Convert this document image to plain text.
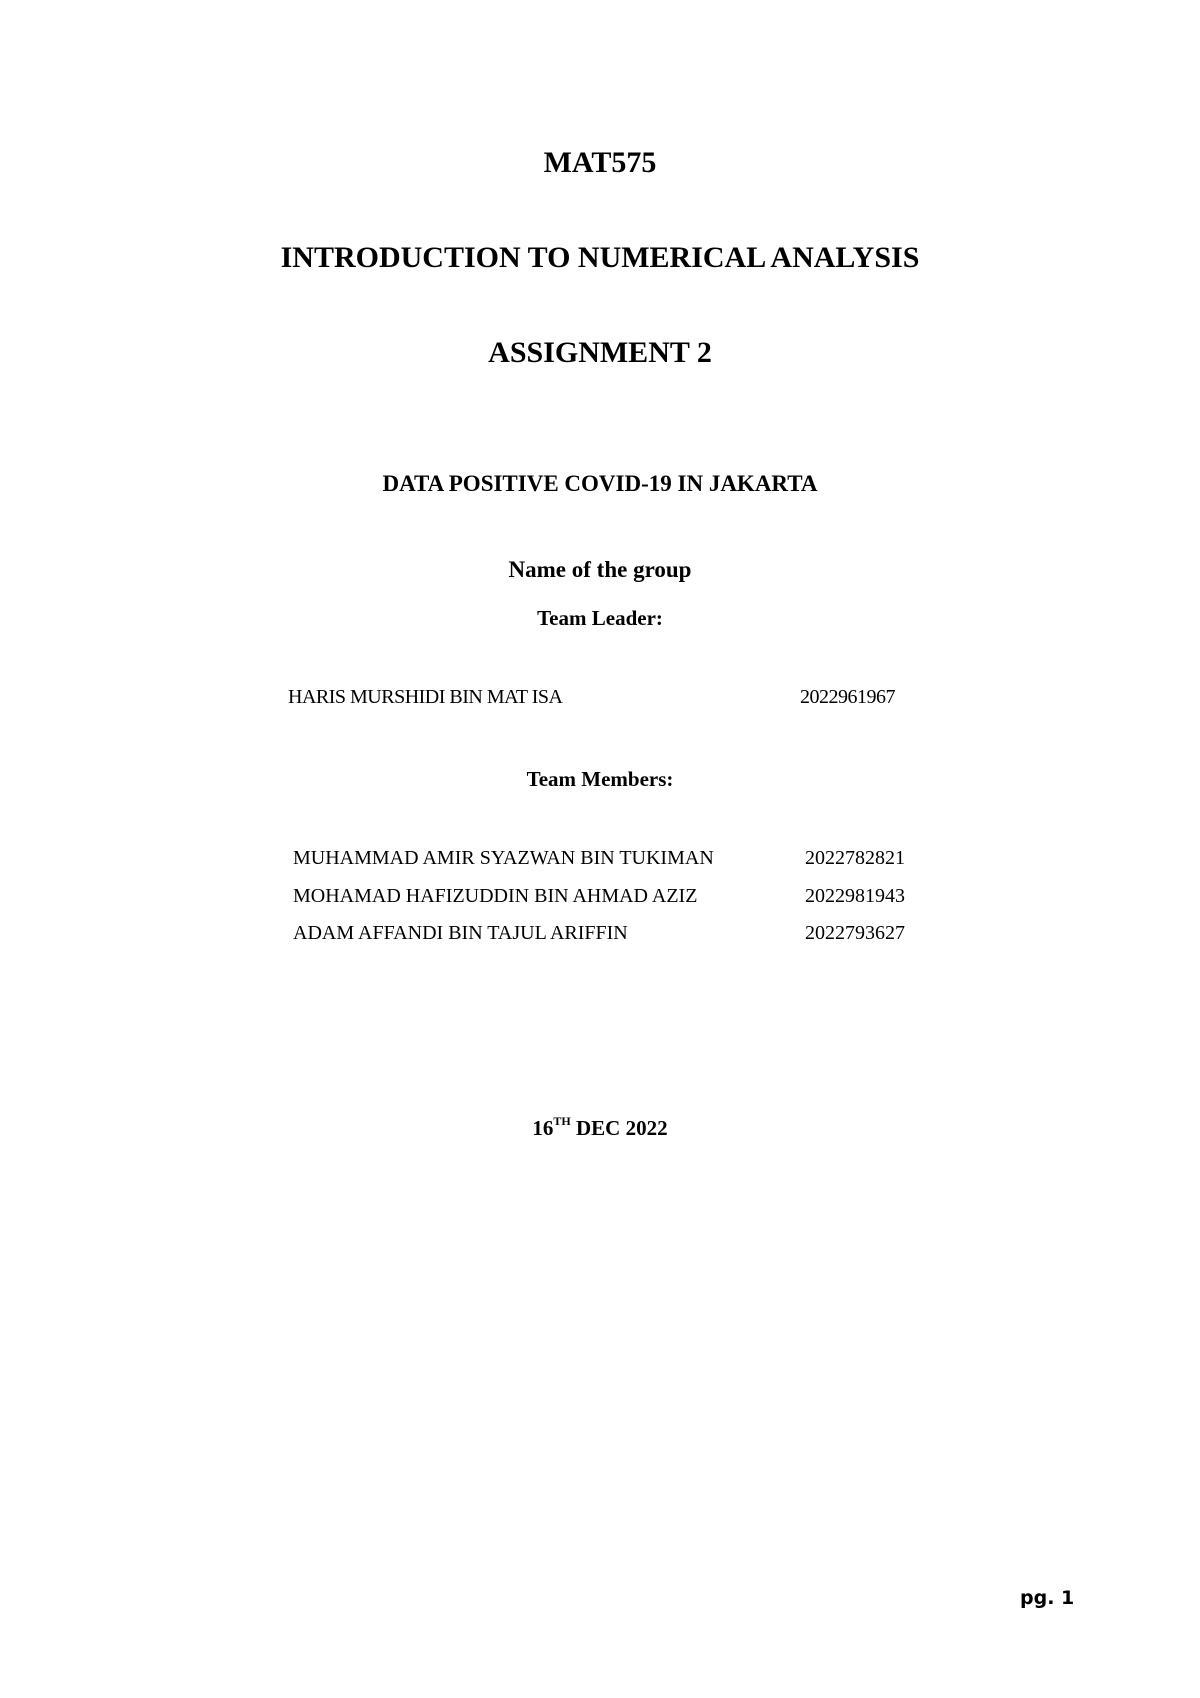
MAT575
INTRODUCTION TO NUMERICAL ANALYSIS
ASSIGNMENT 2
DATA POSITIVE COVID-19 IN JAKARTA
Name of the group
Team Leader:
HARIS MURSHIDI BIN MAT ISA	2022961967
Team Members:
MUHAMMAD AMIR SYAZWAN BIN TUKIMAN	2022782821
MOHAMAD HAFIZUDDIN BIN AHMAD AZIZ	2022981943
ADAM AFFANDI BIN TAJUL ARIFFIN	2022793627
16TH DEC 2022
pg. 1
